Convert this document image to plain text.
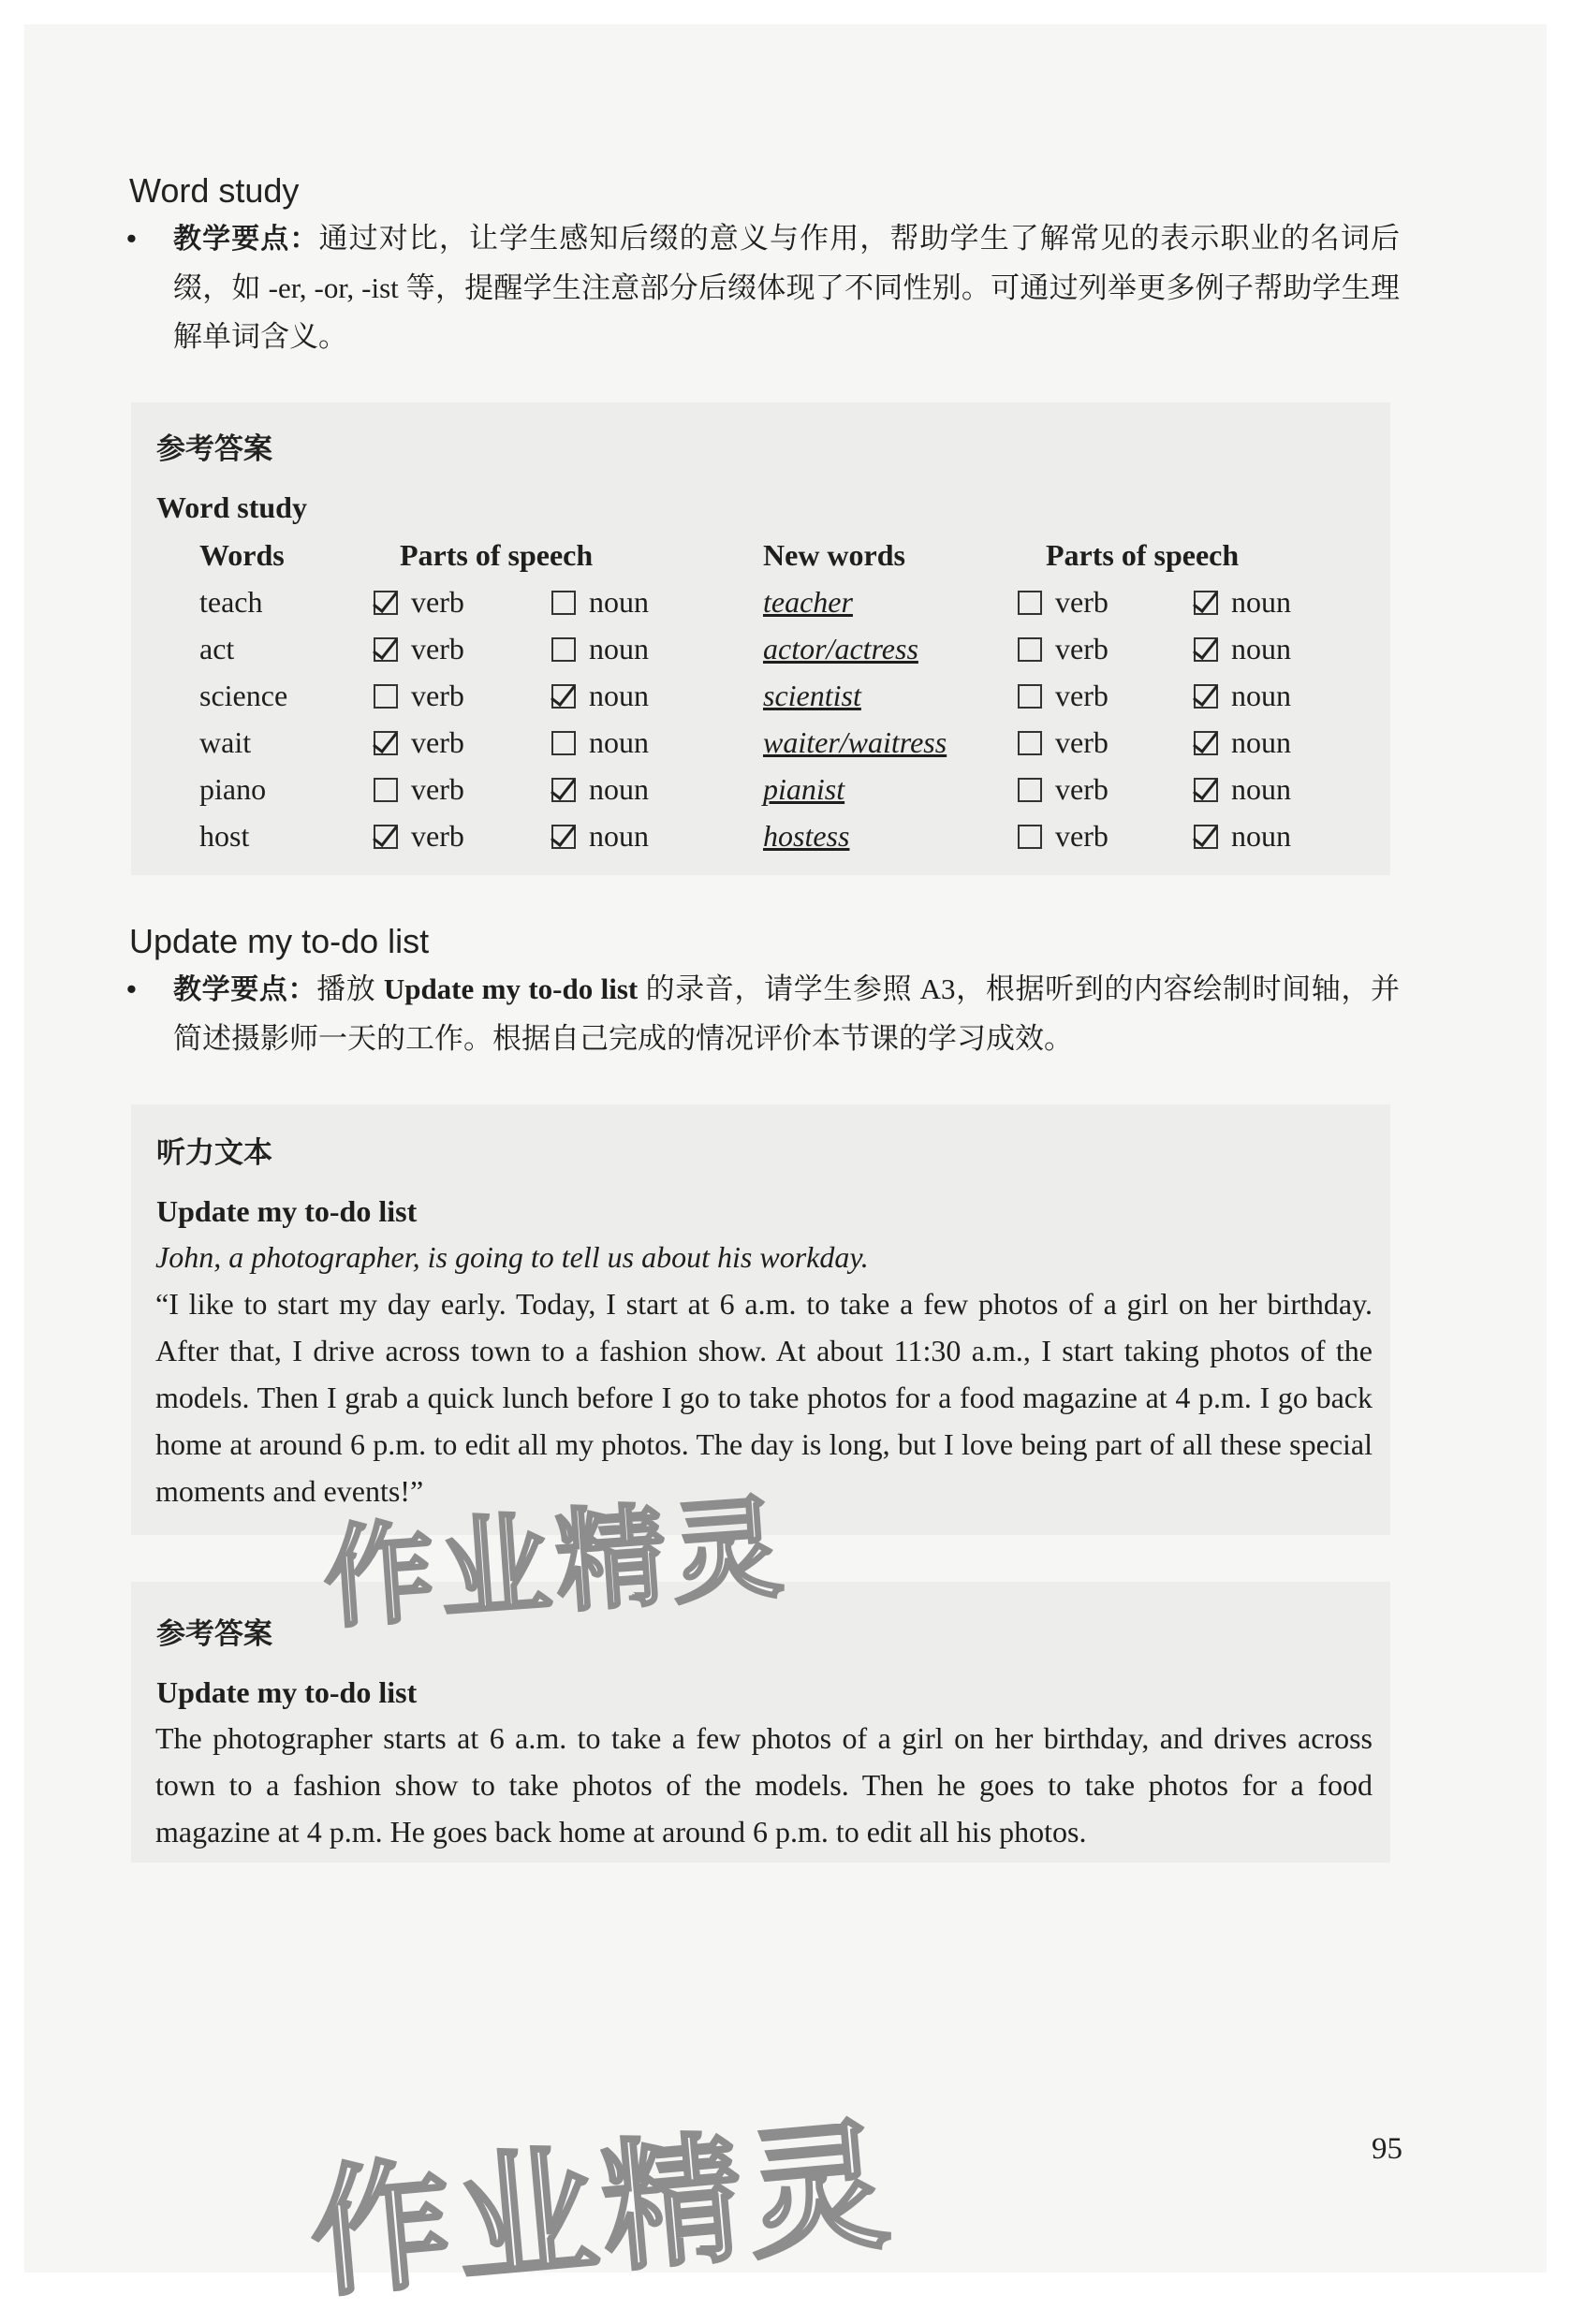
Word study
• 教学要点：通过对比，让学生感知后缀的意义与作用，帮助学生了解常见的表示职业的名词后缀，如 -er, -or, -ist 等，提醒学生注意部分后缀体现了不同性别。可通过列举更多例子帮助学生理解单词含义。
参考答案
Word study
Words	Parts of speech		New words	Parts of speech	
teach	verb	noun	teacher	verb	noun
act	verb	noun	actor/actress	verb	noun
science	verb	noun	scientist	verb	noun
wait	verb	noun	waiter/waitress	verb	noun
piano	verb	noun	pianist	verb	noun
host	verb	noun	hostess	verb	noun
Update my to-do list
• 教学要点：播放 Update my to-do list 的录音，请学生参照 A3，根据听到的内容绘制时间轴，并简述摄影师一天的工作。根据自己完成的情况评价本节课的学习成效。
听力文本
Update my to-do list
John, a photographer, is going to tell us about his workday.
“I like to start my day early. Today, I start at 6 a.m. to take a few photos of a girl on her birthday. After that, I drive across town to a fashion show. At about 11:30 a.m., I start taking photos of the models. Then I grab a quick lunch before I go to take photos for a food magazine at 4 p.m. I go back home at around 6 p.m. to edit all my photos. The day is long, but I love being part of all these special moments and events!”
参考答案
Update my to-do list
The photographer starts at 6 a.m. to take a few photos of a girl on her birthday, and drives across town to a fashion show to take photos of the models. Then he goes to take photos for a food magazine at 4 p.m. He goes back home at around 6 p.m. to edit all his photos.
作业精灵
作业精灵	95
